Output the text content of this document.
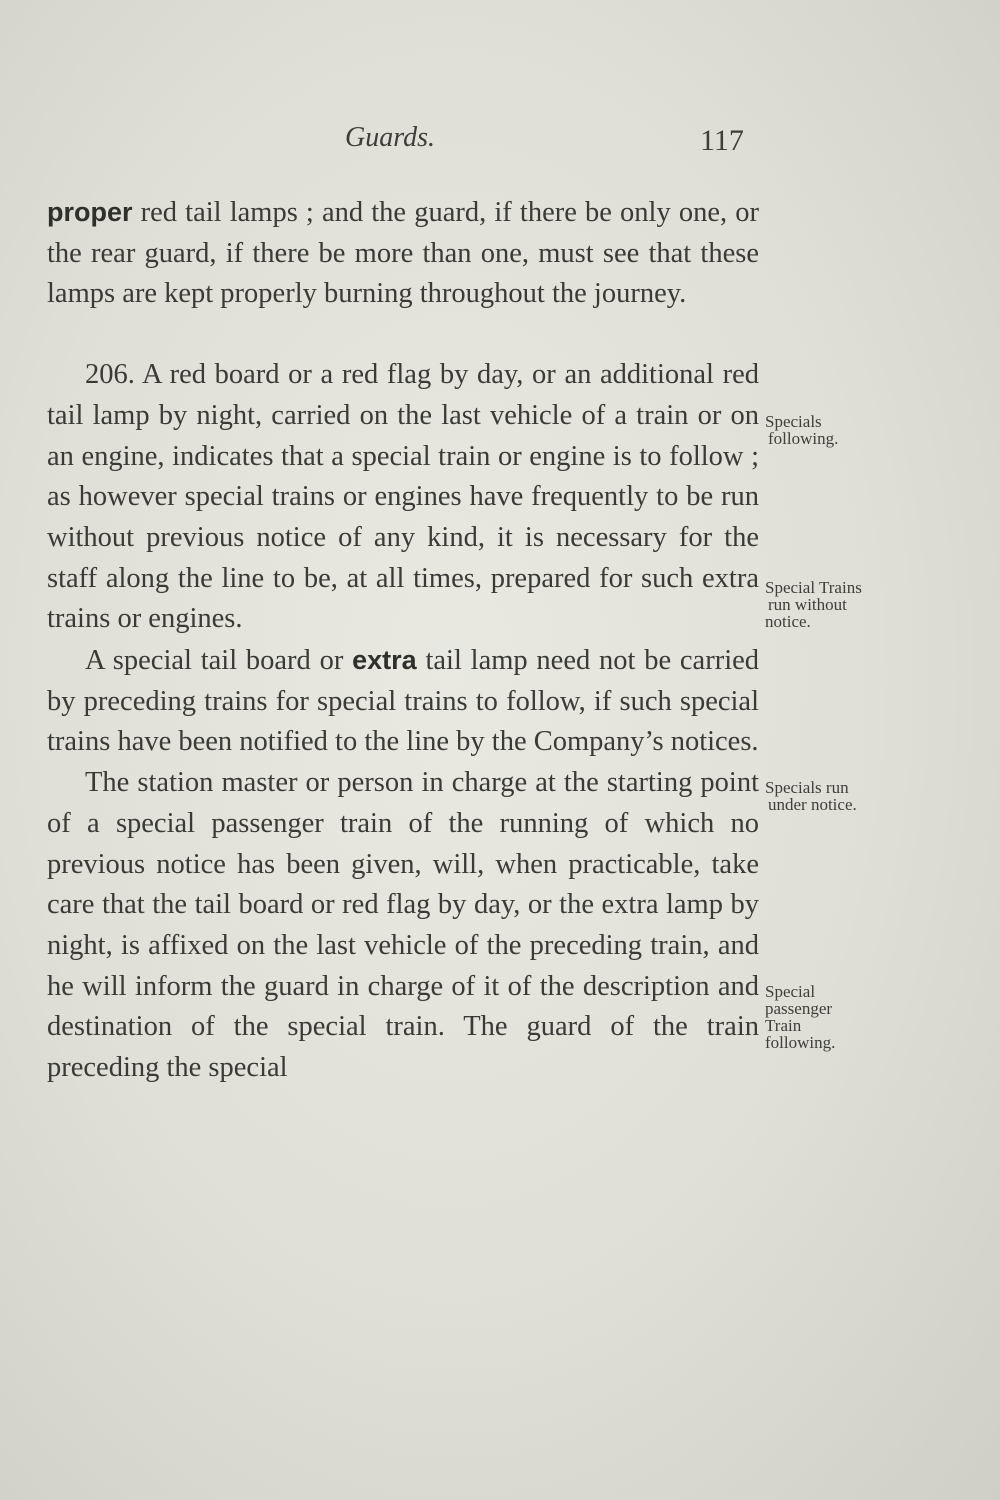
Guards.	117

proper red tail lamps ; and the guard, if there be only one, or the rear guard, if there be more than one, must see that these lamps are kept properly burning throughout the journey.

206. A red board or a red flag by day, or an additional red tail lamp by night, carried on the last vehicle of a train or on an engine, indicates that a special train or engine is to follow ; as however special trains or engines have frequently to be run without previous notice of any kind, it is necessary for the staff along the line to be, at all times, prepared for such extra trains or engines.

A special tail board or extra tail lamp need not be carried by preceding trains for special trains to follow, if such special trains have been notified to the line by the Company’s notices.

The station master or person in charge at the starting point of a special passenger train of the running of which no previous notice has been given, will, when practicable, take care that the tail board or red flag by day, or the extra lamp by night, is affixed on the last vehicle of the preceding train, and he will inform the guard in charge of it of the description and destination of the special train. The guard of the train preceding the special

Specials
following.
Special Trains
run without
notice.
Specials run
under notice.
Special
passenger
Train
following.
